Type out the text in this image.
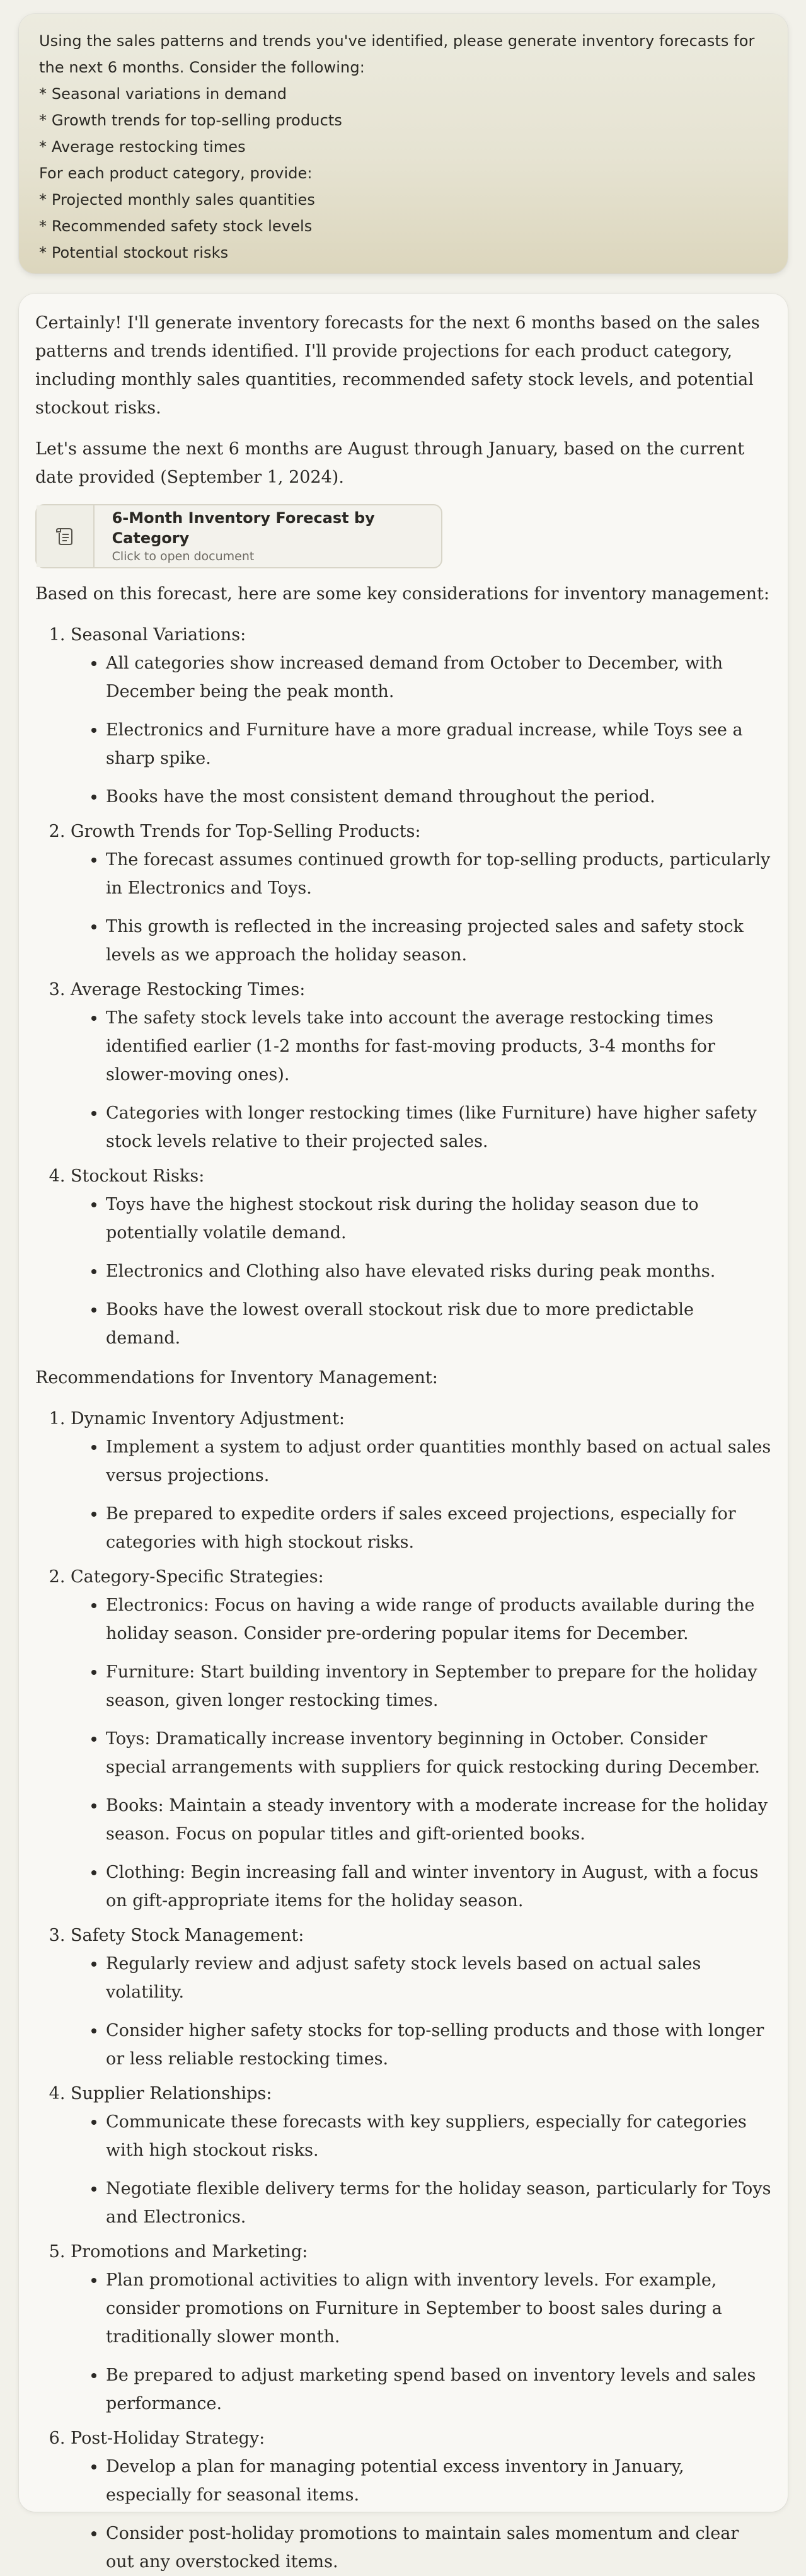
Using the sales patterns and trends you've identified, please generate inventory forecasts for

the next 6 months. Consider the following:

* Seasonal variations in demand

* Growth trends for top-selling products

* Average restocking times

For each product category, provide:

* Projected monthly sales quantities

* Recommended safety stock levels

* Potential stockout risks

Certainly! I'll generate inventory forecasts for the next 6 months based on the sales patterns and trends identified. I'll provide projections for each product category, including monthly sales quantities, recommended safety stock levels, and potential stockout risks.

Let's assume the next 6 months are August through January, based on the current date provided (September 1, 2024).

6-Month Inventory Forecast by Category
Click to open document

Based on this forecast, here are some key considerations for inventory management:

1. Seasonal Variations:
• All categories show increased demand from October to December, with December being the peak month.
• Electronics and Furniture have a more gradual increase, while Toys see a sharp spike.
• Books have the most consistent demand throughout the period.
2. Growth Trends for Top-Selling Products:
• The forecast assumes continued growth for top-selling products, particularly in Electronics and Toys.
• This growth is reflected in the increasing projected sales and safety stock levels as we approach the holiday season.
3. Average Restocking Times:
• The safety stock levels take into account the average restocking times identified earlier (1-2 months for fast-moving products, 3-4 months for slower-moving ones).
• Categories with longer restocking times (like Furniture) have higher safety stock levels relative to their projected sales.
4. Stockout Risks:
• Toys have the highest stockout risk during the holiday season due to potentially volatile demand.
• Electronics and Clothing also have elevated risks during peak months.
• Books have the lowest overall stockout risk due to more predictable demand.

Recommendations for Inventory Management:

1. Dynamic Inventory Adjustment:
• Implement a system to adjust order quantities monthly based on actual sales versus projections.
• Be prepared to expedite orders if sales exceed projections, especially for categories with high stockout risks.
2. Category-Specific Strategies:
• Electronics: Focus on having a wide range of products available during the holiday season. Consider pre-ordering popular items for December.
• Furniture: Start building inventory in September to prepare for the holiday season, given longer restocking times.
• Toys: Dramatically increase inventory beginning in October. Consider special arrangements with suppliers for quick restocking during December.
• Books: Maintain a steady inventory with a moderate increase for the holiday season. Focus on popular titles and gift-oriented books.
• Clothing: Begin increasing fall and winter inventory in August, with a focus on gift-appropriate items for the holiday season.
3. Safety Stock Management:
• Regularly review and adjust safety stock levels based on actual sales volatility.
• Consider higher safety stocks for top-selling products and those with longer or less reliable restocking times.
4. Supplier Relationships:
• Communicate these forecasts with key suppliers, especially for categories with high stockout risks.
• Negotiate flexible delivery terms for the holiday season, particularly for Toys and Electronics.
5. Promotions and Marketing:
• Plan promotional activities to align with inventory levels. For example, consider promotions on Furniture in September to boost sales during a traditionally slower month.
• Be prepared to adjust marketing spend based on inventory levels and sales performance.
6. Post-Holiday Strategy:
• Develop a plan for managing potential excess inventory in January, especially for seasonal items.
• Consider post-holiday promotions to maintain sales momentum and clear out any overstocked items.
